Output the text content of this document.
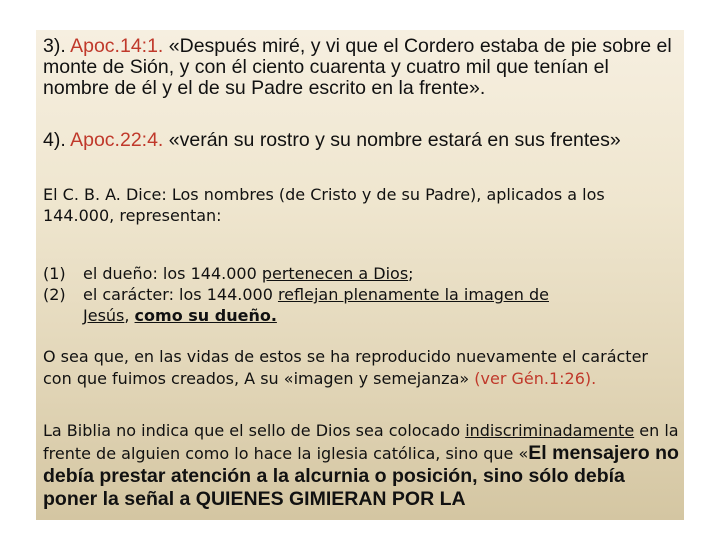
3). Apoc.14:1. «Después miré, y vi que el Cordero estaba de pie sobre el monte de Sión, y con él ciento cuarenta y cuatro mil que tenían el nombre de él y el de su Padre escrito en la frente».
4). Apoc.22:4. «verán su rostro y su nombre estará en sus frentes»
El C. B. A. Dice: Los nombres (de Cristo y de su Padre), aplicados a los 144.000, representan:
(1)	el dueño: los 144.000 pertenecen a Dios;
(2)	el carácter: los 144.000 reflejan plenamente la imagen de
Jesús, como su dueño.
O sea que, en las vidas de estos se ha reproducido nuevamente el carácter con que fuimos creados, A su «imagen y semejanza» (ver Gén.1:26).
La Biblia no indica que el sello de Dios sea colocado indiscriminadamente en la frente de alguien como lo hace la iglesia católica, sino que «El mensajero no debía prestar atención a la alcurnia o posición, sino sólo debía poner la señal a QUIENES GIMIERAN POR LA
